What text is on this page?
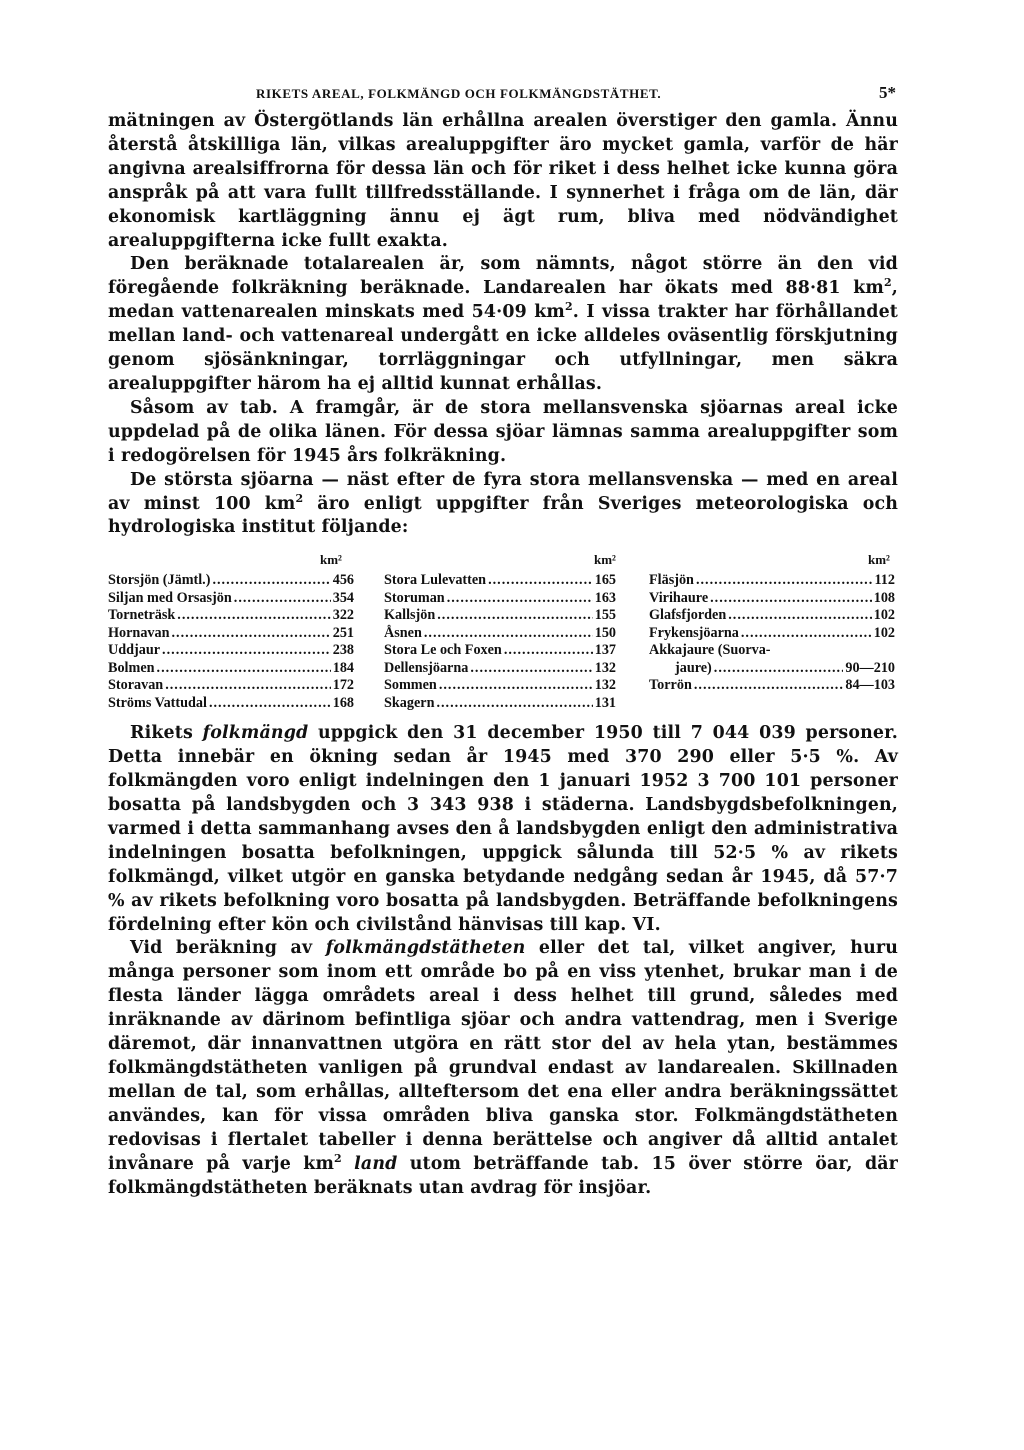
RIKETS AREAL, FOLKMÄNGD OCH FOLKMÄNGDSTÄTHET.	5*

mätningen av Östergötlands län erhållna arealen överstiger den gamla. Ännu återstå åtskilliga län, vilkas arealuppgifter äro mycket gamla, varför de här angivna arealsiffrorna för dessa län och för riket i dess helhet icke kunna göra anspråk på att vara fullt tillfredsställande. I synnerhet i fråga om de län, där ekonomisk kartläggning ännu ej ägt rum, bliva med nödvändighet arealuppgifterna icke fullt exakta.

Den beräknade totalarealen är, som nämnts, något större än den vid föregående folkräkning beräknade. Landarealen har ökats med 88·81 $km^2$, medan vattenarealen minskats med 54·09 $km^2$. I vissa trakter har förhållandet mellan land- och vattenareal undergått en icke alldeles oväsentlig förskjutning genom sjösänkningar, torrläggningar och utfyllningar, men säkra arealuppgifter härom ha ej alltid kunnat erhållas.

Såsom av tab. A framgår, är de stora mellansvenska sjöarnas areal icke uppdelad på de olika länen. För dessa sjöar lämnas samma arealuppgifter som i redogörelsen för 1945 års folkräkning.

De största sjöarna — näst efter de fyra stora mellansvenska — med en areal av minst 100 $km^2$ äro enligt uppgifter från Sveriges meteorologiska och hydrologiska institut följande:

km²	km²	km²
Storsjön (Jämtl.) .....	456
Siljan med Orsasjön .....	354
Torneträsk .....	322
Hornavan .....	251
Uddjaur .....	238
Bolmen .....	184
Storavan .....	172
Ströms Vattudal .....	168
Stora Lulevatten .....	165
Storuman .....	163
Kallsjön .....	155
Åsnen .....	150
Stora Le och Foxen .....	137
Dellensjöarna .....	132
Sommen .....	132
Skagern .....	131
Fläsjön .....	112
Virihaure .....	108
Glafsfjorden .....	102
Frykensjöarna .....	102
Akkajaure (Suorva-
jaure) .....	90—210
Torrön .....	84—103

Rikets folkmängd uppgick den 31 december 1950 till 7 044 039 personer. Detta innebär en ökning sedan år 1945 med 370 290 eller 5·5 %. Av folkmängden voro enligt indelningen den 1 januari 1952 3 700 101 personer bosatta på landsbygden och 3 343 938 i städerna. Landsbygdsbefolkningen, varmed i detta sammanhang avses den å landsbygden enligt den administrativa indelningen bosatta befolkningen, uppgick sålunda till 52·5 % av rikets folkmängd, vilket utgör en ganska betydande nedgång sedan år 1945, då 57·7 % av rikets befolkning voro bosatta på landsbygden. Beträffande befolkningens fördelning efter kön och civilstånd hänvisas till kap. VI.

Vid beräkning av folkmängdstätheten eller det tal, vilket angiver, huru många personer som inom ett område bo på en viss ytenhet, brukar man i de flesta länder lägga områdets areal i dess helhet till grund, således med inräknande av därinom befintliga sjöar och andra vattendrag, men i Sverige däremot, där innanvattnen utgöra en rätt stor del av hela ytan, bestämmes folkmängdstätheten vanligen på grundval endast av landarealen. Skillnaden mellan de tal, som erhållas, allteftersom det ena eller andra beräkningssättet användes, kan för vissa områden bliva ganska stor. Folkmängdstätheten redovisas i flertalet tabeller i denna berättelse och angiver då alltid antalet invånare på varje $km^2$ land utom beträffande tab. 15 över större öar, där folkmängdstätheten beräknats utan avdrag för insjöar.
